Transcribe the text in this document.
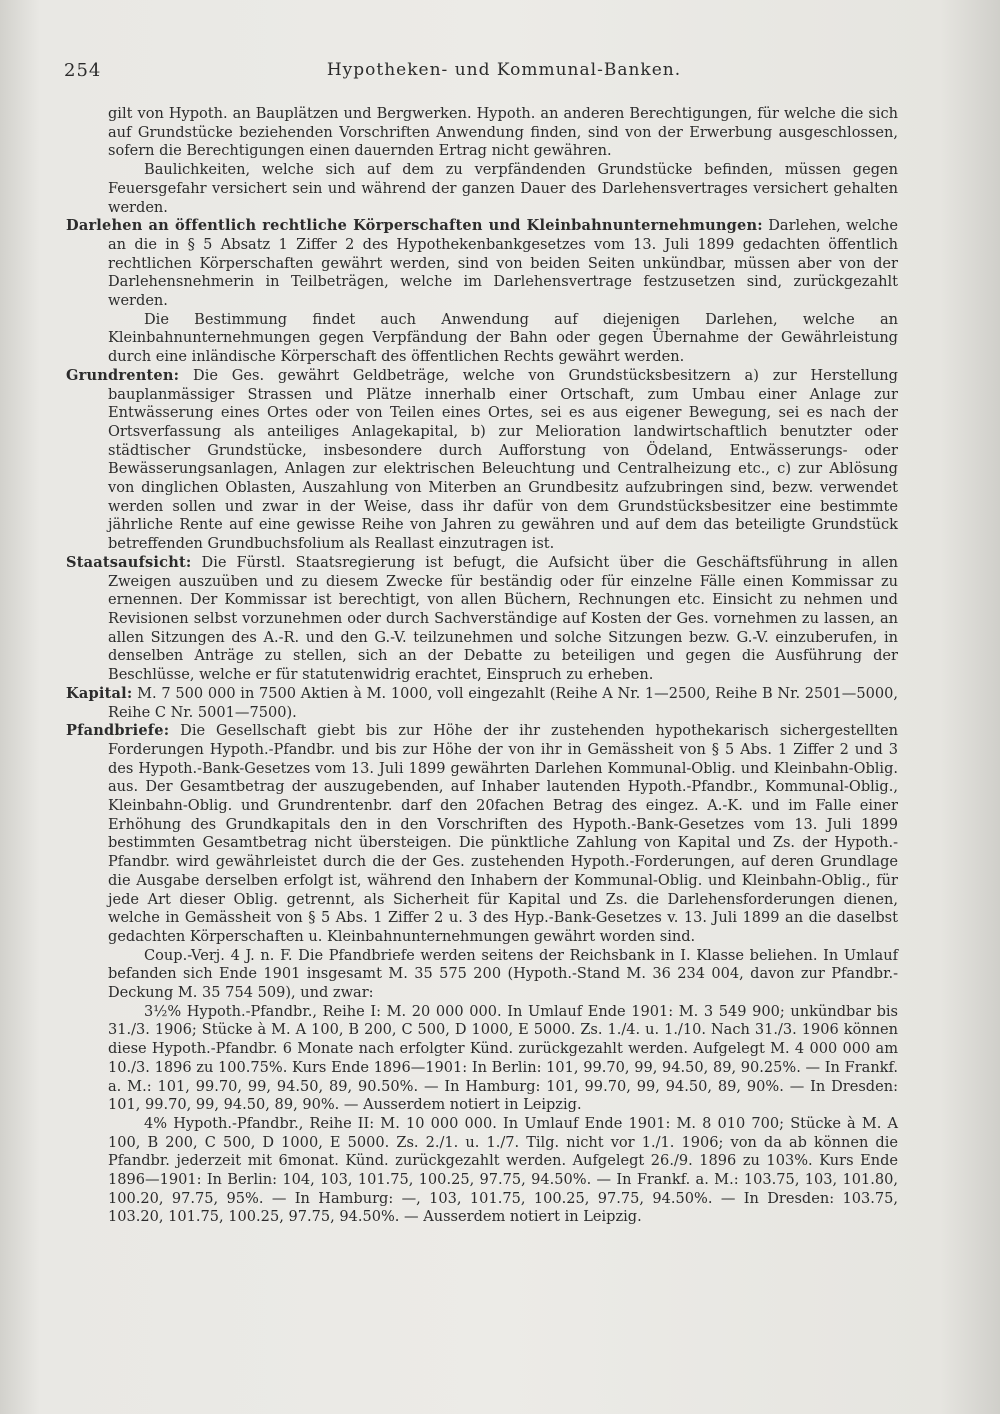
254	Hypotheken- und Kommunal-Banken.

gilt von Hypoth. an Bauplätzen und Bergwerken. Hypoth. an anderen Berechtigungen, für welche die sich auf Grundstücke beziehenden Vorschriften Anwendung finden, sind von der Erwerbung ausgeschlossen, sofern die Berechtigungen einen dauernden Ertrag nicht gewähren.

Baulichkeiten, welche sich auf dem zu verpfändenden Grundstücke befinden, müssen gegen Feuersgefahr versichert sein und während der ganzen Dauer des Darlehensvertrages versichert gehalten werden.

Darlehen an öffentlich rechtliche Körperschaften und Kleinbahnunternehmungen: Darlehen, welche an die in § 5 Absatz 1 Ziffer 2 des Hypothekenbankgesetzes vom 13. Juli 1899 gedachten öffentlich rechtlichen Körperschaften gewährt werden, sind von beiden Seiten unkündbar, müssen aber von der Darlehensnehmerin in Teilbeträgen, welche im Darlehensvertrage festzusetzen sind, zurückgezahlt werden.

Die Bestimmung findet auch Anwendung auf diejenigen Darlehen, welche an Kleinbahnunternehmungen gegen Verpfändung der Bahn oder gegen Übernahme der Gewährleistung durch eine inländische Körperschaft des öffentlichen Rechts gewährt werden.

Grundrenten: Die Ges. gewährt Geldbeträge, welche von Grundstücksbesitzern a) zur Herstellung bauplanmässiger Strassen und Plätze innerhalb einer Ortschaft, zum Umbau einer Anlage zur Entwässerung eines Ortes oder von Teilen eines Ortes, sei es aus eigener Bewegung, sei es nach der Ortsverfassung als anteiliges Anlagekapital, b) zur Melioration landwirtschaftlich benutzter oder städtischer Grundstücke, insbesondere durch Aufforstung von Ödeland, Entwässerungs- oder Bewässerungsanlagen, Anlagen zur elektrischen Beleuchtung und Centralheizung etc., c) zur Ablösung von dinglichen Oblasten, Auszahlung von Miterben an Grundbesitz aufzubringen sind, bezw. verwendet werden sollen und zwar in der Weise, dass ihr dafür von dem Grundstücksbesitzer eine bestimmte jährliche Rente auf eine gewisse Reihe von Jahren zu gewähren und auf dem das beteiligte Grundstück betreffenden Grundbuchsfolium als Reallast einzutragen ist.

Staatsaufsicht: Die Fürstl. Staatsregierung ist befugt, die Aufsicht über die Geschäftsführung in allen Zweigen auszuüben und zu diesem Zwecke für beständig oder für einzelne Fälle einen Kommissar zu ernennen. Der Kommissar ist berechtigt, von allen Büchern, Rechnungen etc. Einsicht zu nehmen und Revisionen selbst vorzunehmen oder durch Sachverständige auf Kosten der Ges. vornehmen zu lassen, an allen Sitzungen des A.-R. und den G.-V. teilzunehmen und solche Sitzungen bezw. G.-V. einzuberufen, in denselben Anträge zu stellen, sich an der Debatte zu beteiligen und gegen die Ausführung der Beschlüsse, welche er für statutenwidrig erachtet, Einspruch zu erheben.

Kapital: M. 7 500 000 in 7500 Aktien à M. 1000, voll eingezahlt (Reihe A Nr. 1—2500, Reihe B Nr. 2501—5000, Reihe C Nr. 5001—7500).

Pfandbriefe: Die Gesellschaft giebt bis zur Höhe der ihr zustehenden hypothekarisch sichergestellten Forderungen Hypoth.-Pfandbr. und bis zur Höhe der von ihr in Gemässheit von § 5 Abs. 1 Ziffer 2 und 3 des Hypoth.-Bank-Gesetzes vom 13. Juli 1899 gewährten Darlehen Kommunal-Oblig. und Kleinbahn-Oblig. aus. Der Gesamtbetrag der auszugebenden, auf Inhaber lautenden Hypoth.-Pfandbr., Kommunal-Oblig., Kleinbahn-Oblig. und Grundrentenbr. darf den 20fachen Betrag des eingez. A.-K. und im Falle einer Erhöhung des Grundkapitals den in den Vorschriften des Hypoth.-Bank-Gesetzes vom 13. Juli 1899 bestimmten Gesamtbetrag nicht übersteigen. Die pünktliche Zahlung von Kapital und Zs. der Hypoth.-Pfandbr. wird gewährleistet durch die der Ges. zustehenden Hypoth.-Forderungen, auf deren Grundlage die Ausgabe derselben erfolgt ist, während den Inhabern der Kommunal-Oblig. und Kleinbahn-Oblig., für jede Art dieser Oblig. getrennt, als Sicherheit für Kapital und Zs. die Darlehensforderungen dienen, welche in Gemässheit von § 5 Abs. 1 Ziffer 2 u. 3 des Hyp.-Bank-Gesetzes v. 13. Juli 1899 an die daselbst gedachten Körperschaften u. Kleinbahnunternehmungen gewährt worden sind.

Coup.-Verj. 4 J. n. F. Die Pfandbriefe werden seitens der Reichsbank in I. Klasse beliehen. In Umlauf befanden sich Ende 1901 insgesamt M. 35 575 200 (Hypoth.-Stand M. 36 234 004, davon zur Pfandbr.-Deckung M. 35 754 509), und zwar:

3½% Hypoth.-Pfandbr., Reihe I: M. 20 000 000. In Umlauf Ende 1901: M. 3 549 900; unkündbar bis 31./3. 1906; Stücke à M. A 100, B 200, C 500, D 1000, E 5000. Zs. 1./4. u. 1./10. Nach 31./3. 1906 können diese Hypoth.-Pfandbr. 6 Monate nach erfolgter Künd. zurückgezahlt werden. Aufgelegt M. 4 000 000 am 10./3. 1896 zu 100.75%. Kurs Ende 1896—1901: In Berlin: 101, 99.70, 99, 94.50, 89, 90.25%. — In Frankf. a. M.: 101, 99.70, 99, 94.50, 89, 90.50%. — In Hamburg: 101, 99.70, 99, 94.50, 89, 90%. — In Dresden: 101, 99.70, 99, 94.50, 89, 90%. — Ausserdem notiert in Leipzig.

4% Hypoth.-Pfandbr., Reihe II: M. 10 000 000. In Umlauf Ende 1901: M. 8 010 700; Stücke à M. A 100, B 200, C 500, D 1000, E 5000. Zs. 2./1. u. 1./7. Tilg. nicht vor 1./1. 1906; von da ab können die Pfandbr. jederzeit mit 6monat. Künd. zurückgezahlt werden. Aufgelegt 26./9. 1896 zu 103%. Kurs Ende 1896—1901: In Berlin: 104, 103, 101.75, 100.25, 97.75, 94.50%. — In Frankf. a. M.: 103.75, 103, 101.80, 100.20, 97.75, 95%. — In Hamburg: —, 103, 101.75, 100.25, 97.75, 94.50%. — In Dresden: 103.75, 103.20, 101.75, 100.25, 97.75, 94.50%. — Ausserdem notiert in Leipzig.
